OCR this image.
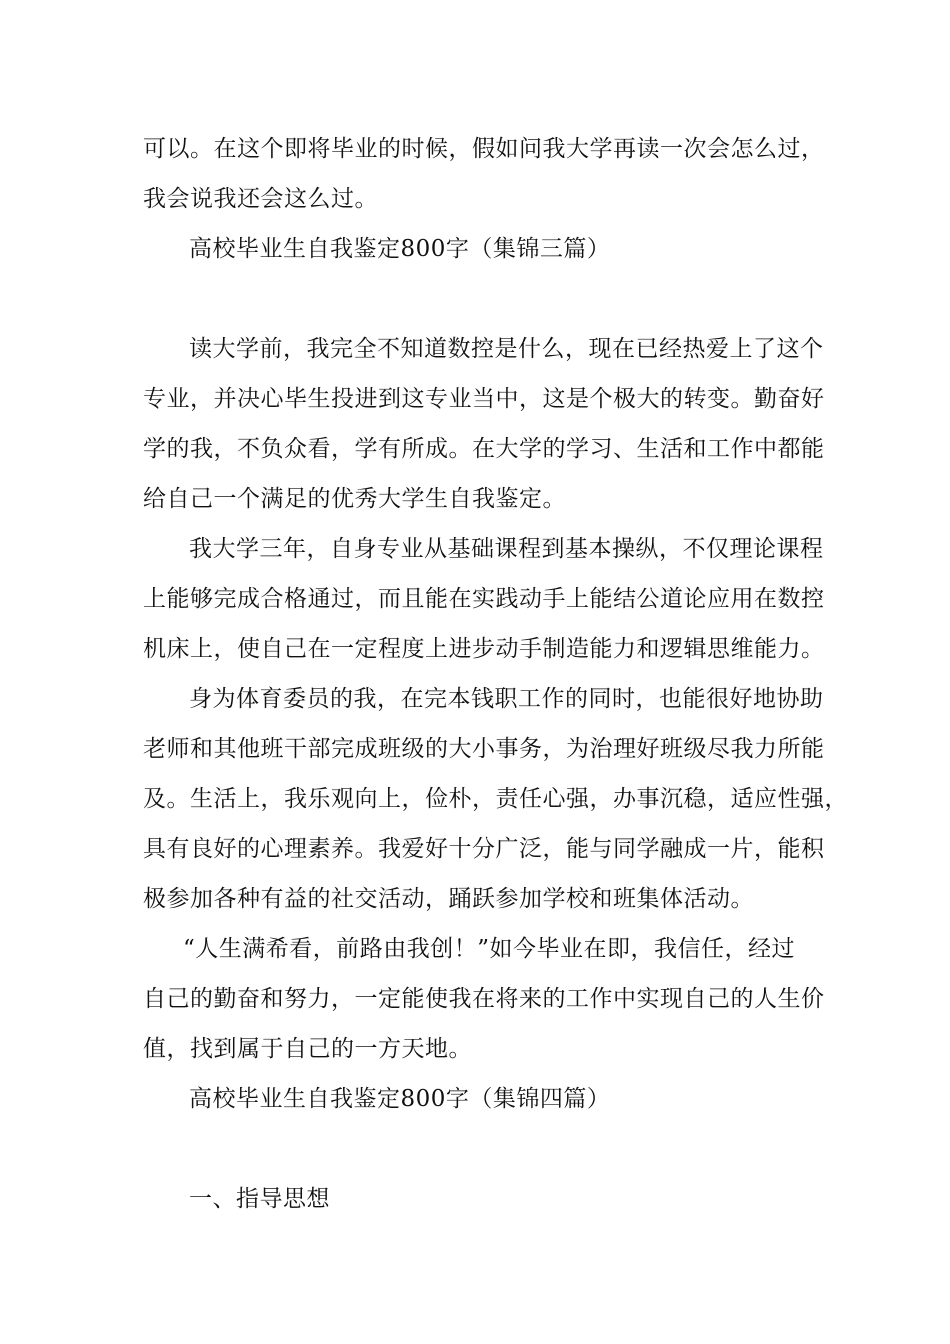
可以。在这个即将毕业的时候，假如问我大学再读一次会怎么过，
我会说我还会这么过。
高校毕业生自我鉴定800字（集锦三篇）
读大学前，我完全不知道数控是什么，现在已经热爱上了这个
专业，并决心毕生投进到这专业当中，这是个极大的转变。勤奋好
学的我，不负众看，学有所成。在大学的学习、生活和工作中都能
给自己一个满足的优秀大学生自我鉴定。
我大学三年，自身专业从基础课程到基本操纵，不仅理论课程
上能够完成合格通过，而且能在实践动手上能结公道论应用在数控
机床上，使自己在一定程度上进步动手制造能力和逻辑思维能力。
身为体育委员的我，在完本钱职工作的同时，也能很好地协助
老师和其他班干部完成班级的大小事务，为治理好班级尽我力所能
及。生活上，我乐观向上，俭朴，责任心强，办事沉稳，适应性强，
具有良好的心理素养。我爱好十分广泛，能与同学融成一片，能积
极参加各种有益的社交活动，踊跃参加学校和班集体活动。
“人生满希看，前路由我创！”如今毕业在即，我信任，经过
自己的勤奋和努力，一定能使我在将来的工作中实现自己的人生价
值，找到属于自己的一方天地。
高校毕业生自我鉴定800字（集锦四篇）
一、指导思想
